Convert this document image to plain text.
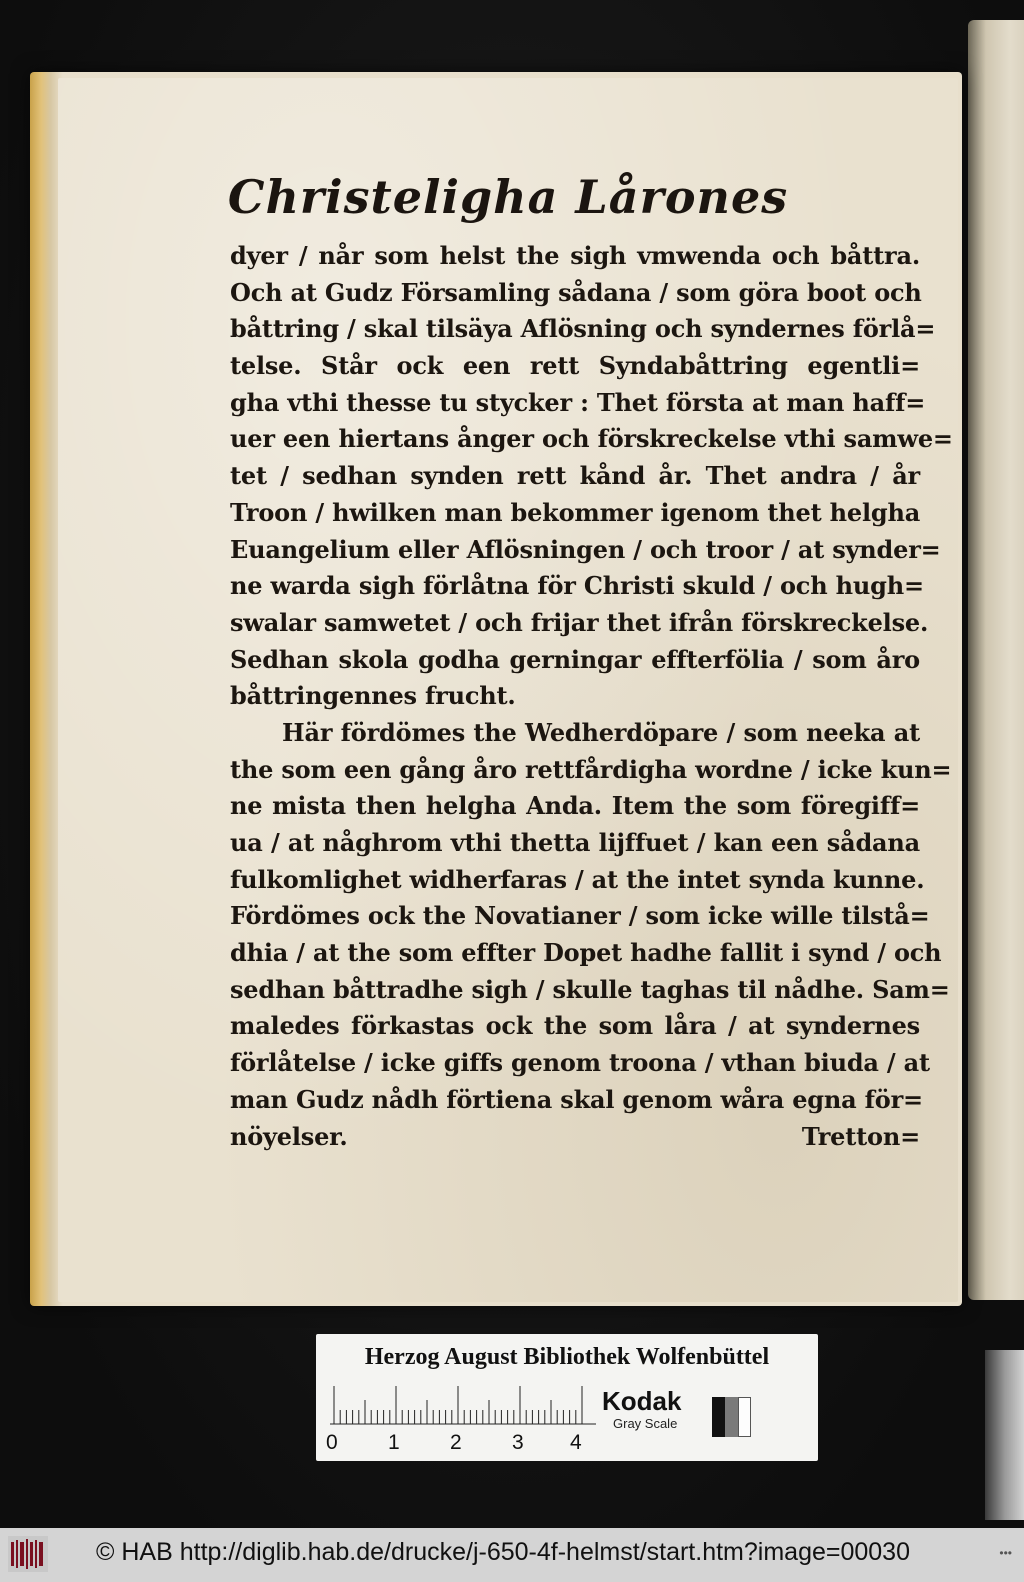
Christeligha Lårones
dyer / når som helst the sigh vmwenda och båttra.
Och at Gudz Församling sådana / som göra boot och
båttring / skal tilsäya Aflösning och syndernes förlå=
telse. Står ock een rett Syndabåttring egentli=
gha vthi thesse tu stycker : Thet första at man haff=
uer een hiertans ånger och förskreckelse vthi samwe=
tet / sedhan synden rett kånd år. Thet andra / år
Troon / hwilken man bekommer igenom thet helgha
Euangelium eller Aflösningen / och troor / at synder=
ne warda sigh förlåtna för Christi skuld / och hugh=
swalar samwetet / och frijar thet ifrån förskreckelse.
Sedhan skola godha gerningar effterfölia / som åro
båttringennes frucht.
Här fördömes the Wedherdöpare / som neeka at
the som een gång åro rettfårdigha wordne / icke kun=
ne mista then helgha Anda. Item the som föregiff=
ua / at någhrom vthi thetta lijffuet / kan een sådana
fulkomlighet widherfaras / at the intet synda kunne.
Fördömes ock the Novatianer / som icke wille tilstå=
dhia / at the som effter Dopet hadhe fallit i synd / och
sedhan båttradhe sigh / skulle taghas til nådhe. Sam=
maledes förkastas ock the som låra / at syndernes
förlåtelse / icke giffs genom troona / vthan biuda / at
man Gudz nådh förtiena skal genom wåra egna för=
nöyelser.	Tretton=
Herzog August Bibliothek Wolfenbüttel
0 1 2 3 4
Kodak
Gray Scale
© HAB http://diglib.hab.de/drucke/j-650-4f-helmst/start.htm?image=00030	•••
